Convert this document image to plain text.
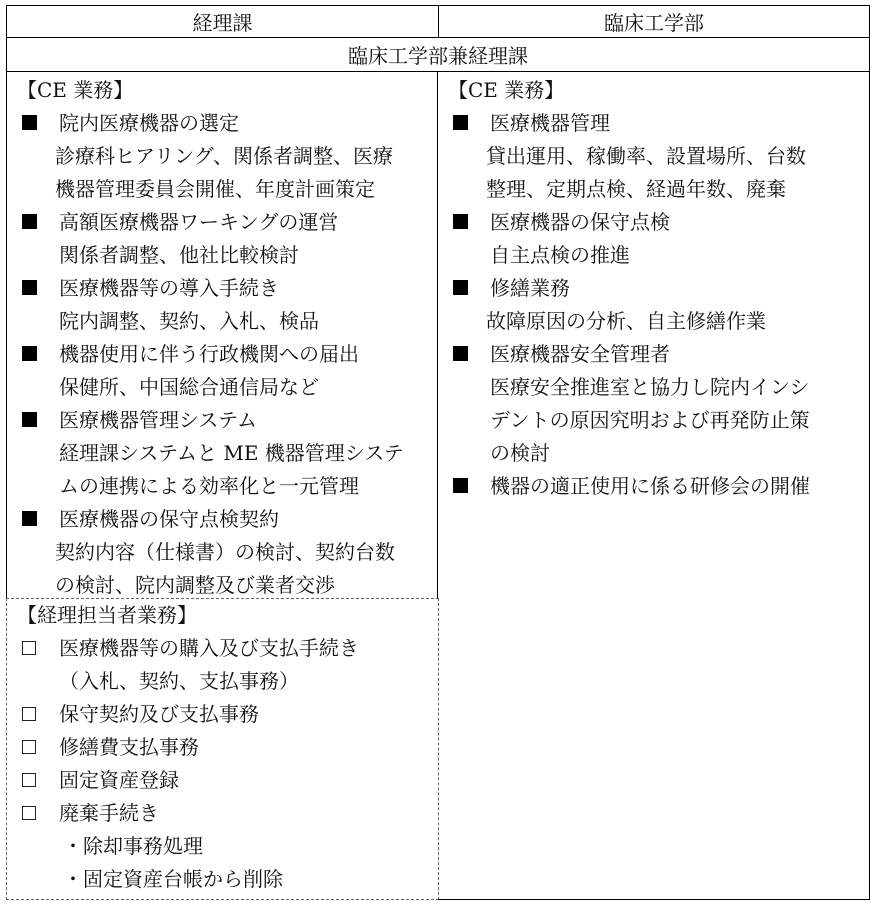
経理課	臨床工学部
臨床工学部兼経理課
【CE 業務】
院内医療機器の選定
診療科ヒアリング、関係者調整、医療
機器管理委員会開催、年度計画策定
高額医療機器ワーキングの運営
関係者調整、他社比較検討
医療機器等の導入手続き
院内調整、契約、入札、検品
機器使用に伴う行政機関への届出
保健所、中国総合通信局など
医療機器管理システム
経理課システムと ME 機器管理システ
ムの連携による効率化と一元管理
医療機器の保守点検契約
契約内容（仕様書）の検討、契約台数
の検討、院内調整及び業者交渉
【経理担当者業務】
医療機器等の購入及び支払手続き
（入札、契約、支払事務）
保守契約及び支払事務
修繕費支払事務
固定資産登録
廃棄手続き
・除却事務処理
・固定資産台帳から削除
【CE 業務】
医療機器管理
貸出運用、稼働率、設置場所、台数
整理、定期点検、経過年数、廃棄
医療機器の保守点検
自主点検の推進
修繕業務
故障原因の分析、自主修繕作業
医療機器安全管理者
医療安全推進室と協力し院内インシ
デントの原因究明および再発防止策
の検討
機器の適正使用に係る研修会の開催
